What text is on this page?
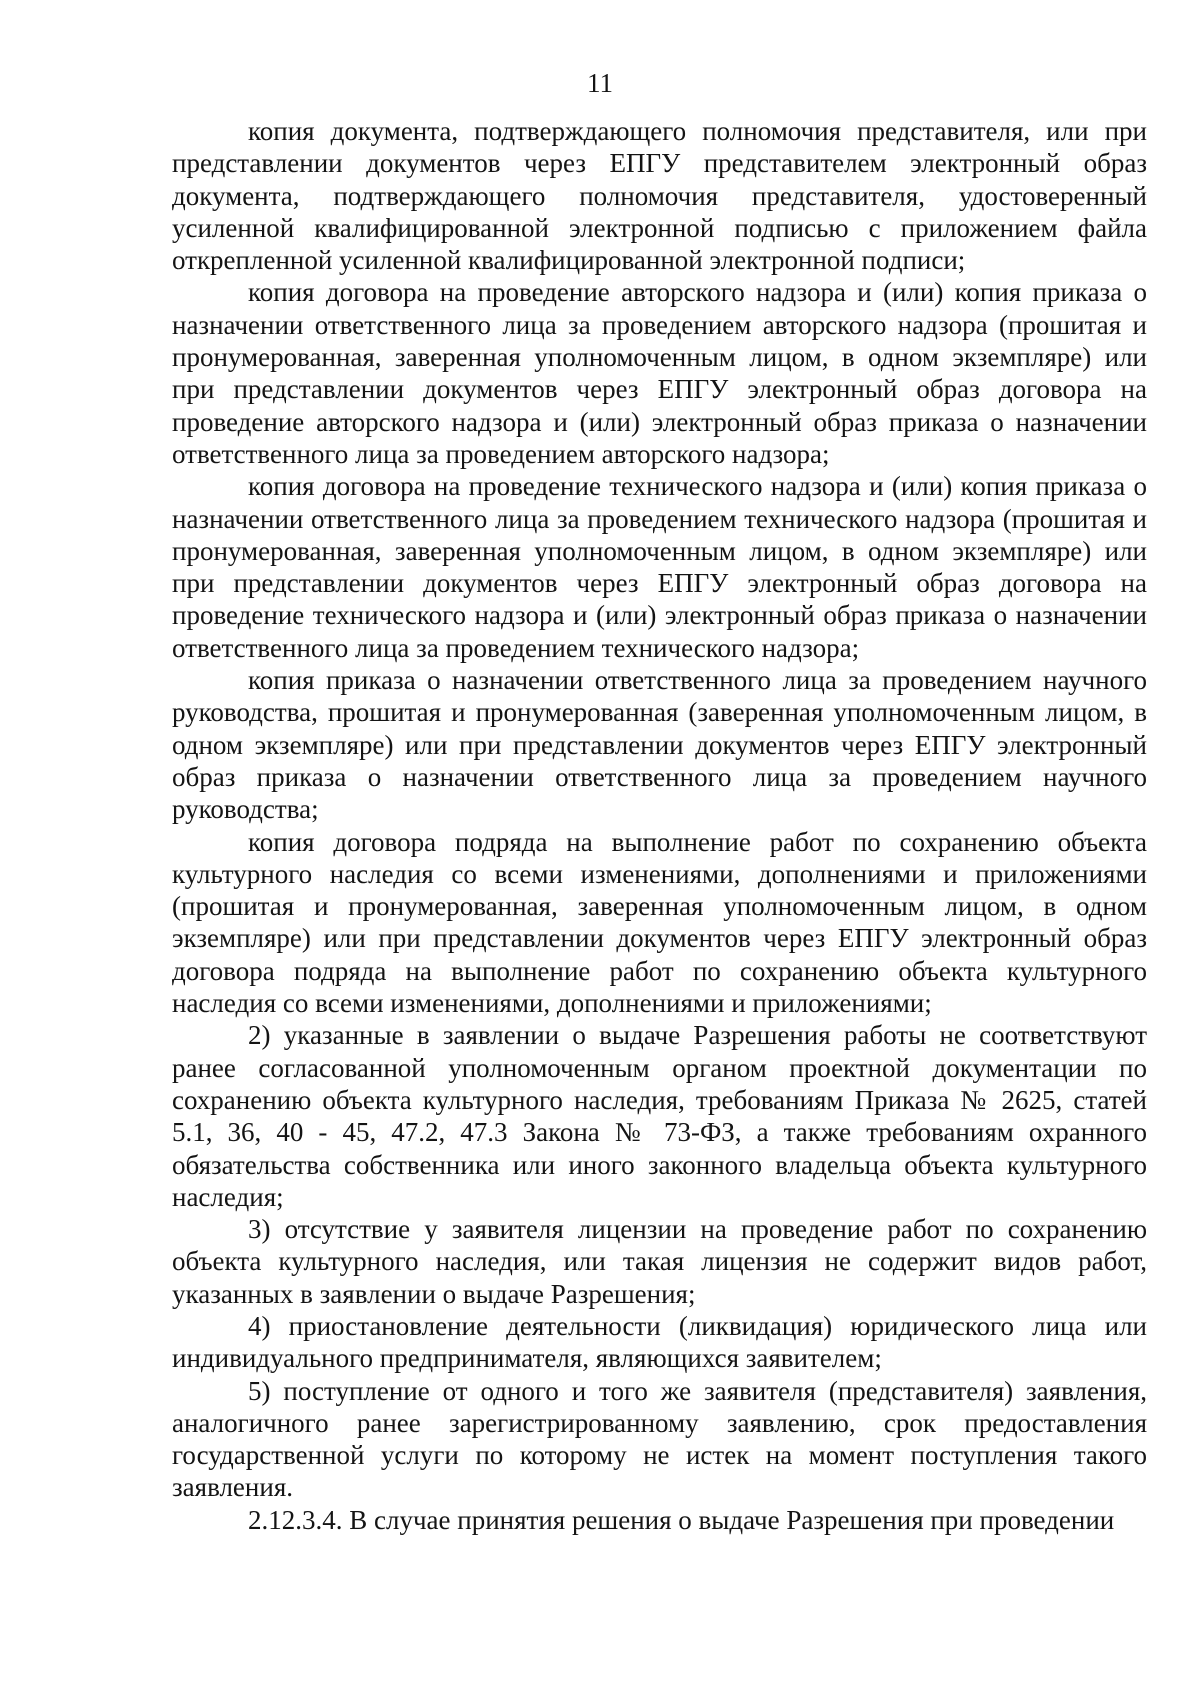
11

копия документа, подтверждающего полномочия представителя, или при представлении документов через ЕПГУ представителем электронный образ документа, подтверждающего полномочия представителя, удостоверенный усиленной квалифицированной электронной подписью с приложением файла открепленной усиленной квалифицированной электронной подписи;

копия договора на проведение авторского надзора и (или) копия приказа о назначении ответственного лица за проведением авторского надзора (прошитая и пронумерованная, заверенная уполномоченным лицом, в одном экземпляре) или при представлении документов через ЕПГУ электронный образ договора на проведение авторского надзора и (или) электронный образ приказа о назначении ответственного лица за проведением авторского надзора;

копия договора на проведение технического надзора и (или) копия приказа о назначении ответственного лица за проведением технического надзора (прошитая и пронумерованная, заверенная уполномоченным лицом, в одном экземпляре) или при представлении документов через ЕПГУ электронный образ договора на проведение технического надзора и (или) электронный образ приказа о назначении ответственного лица за проведением технического надзора;

копия приказа о назначении ответственного лица за проведением научного руководства, прошитая и пронумерованная (заверенная уполномоченным лицом, в одном экземпляре) или при представлении документов через ЕПГУ электронный образ приказа о назначении ответственного лица за проведением научного руководства;

копия договора подряда на выполнение работ по сохранению объекта культурного наследия со всеми изменениями, дополнениями и приложениями (прошитая и пронумерованная, заверенная уполномоченным лицом, в одном экземпляре) или при представлении документов через ЕПГУ электронный образ договора подряда на выполнение работ по сохранению объекта культурного наследия со всеми изменениями, дополнениями и приложениями;

2) указанные в заявлении о выдаче Разрешения работы не соответствуют ранее согласованной уполномоченным органом проектной документации по сохранению объекта культурного наследия, требованиям Приказа № 2625, статей 5.1, 36, 40 - 45, 47.2, 47.3 Закона № 73-ФЗ, а также требованиям охранного обязательства собственника или иного законного владельца объекта культурного наследия;

3) отсутствие у заявителя лицензии на проведение работ по сохранению объекта культурного наследия, или такая лицензия не содержит видов работ, указанных в заявлении о выдаче Разрешения;

4) приостановление деятельности (ликвидация) юридического лица или индивидуального предпринимателя, являющихся заявителем;

5) поступление от одного и того же заявителя (представителя) заявления, аналогичного ранее зарегистрированному заявлению, срок предоставления государственной услуги по которому не истек на момент поступления такого заявления.

2.12.3.4. В случае принятия решения о выдаче Разрешения при проведении
